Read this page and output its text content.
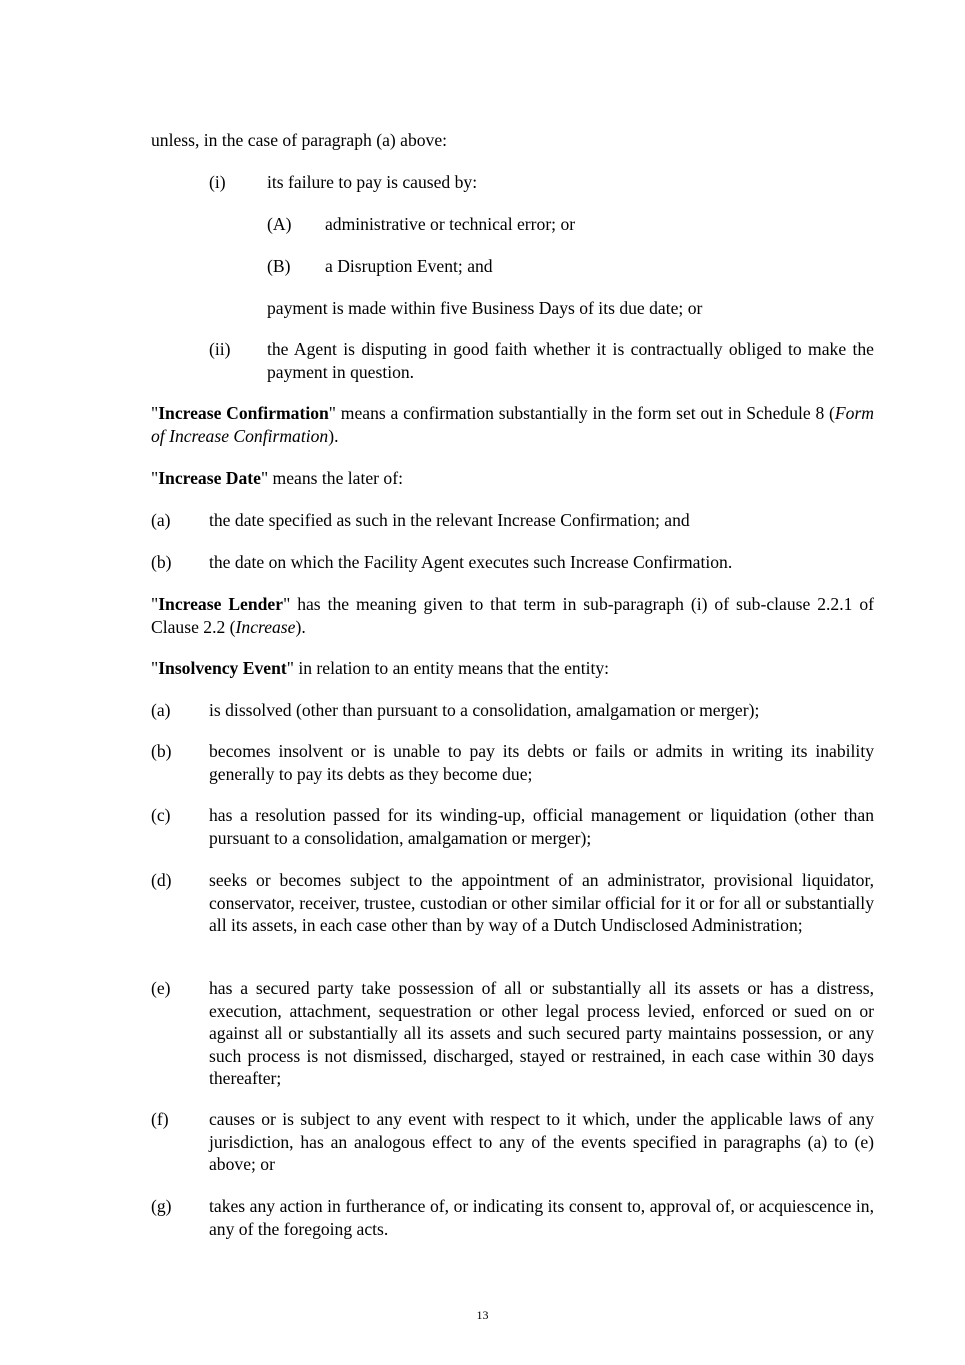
unless, in the case of paragraph (a) above:

(i) its failure to pay is caused by:

(A) administrative or technical error; or

(B) a Disruption Event; and

payment is made within five Business Days of its due date; or

(ii) the Agent is disputing in good faith whether it is contractually obliged to make the payment in question.

"Increase Confirmation" means a confirmation substantially in the form set out in Schedule 8 (Form of Increase Confirmation).

"Increase Date" means the later of:

(a) the date specified as such in the relevant Increase Confirmation; and

(b) the date on which the Facility Agent executes such Increase Confirmation.

"Increase Lender" has the meaning given to that term in sub-paragraph (i) of sub-clause 2.2.1 of Clause 2.2 (Increase).

"Insolvency Event" in relation to an entity means that the entity:

(a) is dissolved (other than pursuant to a consolidation, amalgamation or merger);

(b) becomes insolvent or is unable to pay its debts or fails or admits in writing its inability generally to pay its debts as they become due;

(c) has a resolution passed for its winding-up, official management or liquidation (other than pursuant to a consolidation, amalgamation or merger);

(d) seeks or becomes subject to the appointment of an administrator, provisional liquidator, conservator, receiver, trustee, custodian or other similar official for it or for all or substantially all its assets, in each case other than by way of a Dutch Undisclosed Administration;

(e) has a secured party take possession of all or substantially all its assets or has a distress, execution, attachment, sequestration or other legal process levied, enforced or sued on or against all or substantially all its assets and such secured party maintains possession, or any such process is not dismissed, discharged, stayed or restrained, in each case within 30 days thereafter;

(f) causes or is subject to any event with respect to it which, under the applicable laws of any jurisdiction, has an analogous effect to any of the events specified in paragraphs (a) to (e) above; or

(g) takes any action in furtherance of, or indicating its consent to, approval of, or acquiescence in, any of the foregoing acts.

13
